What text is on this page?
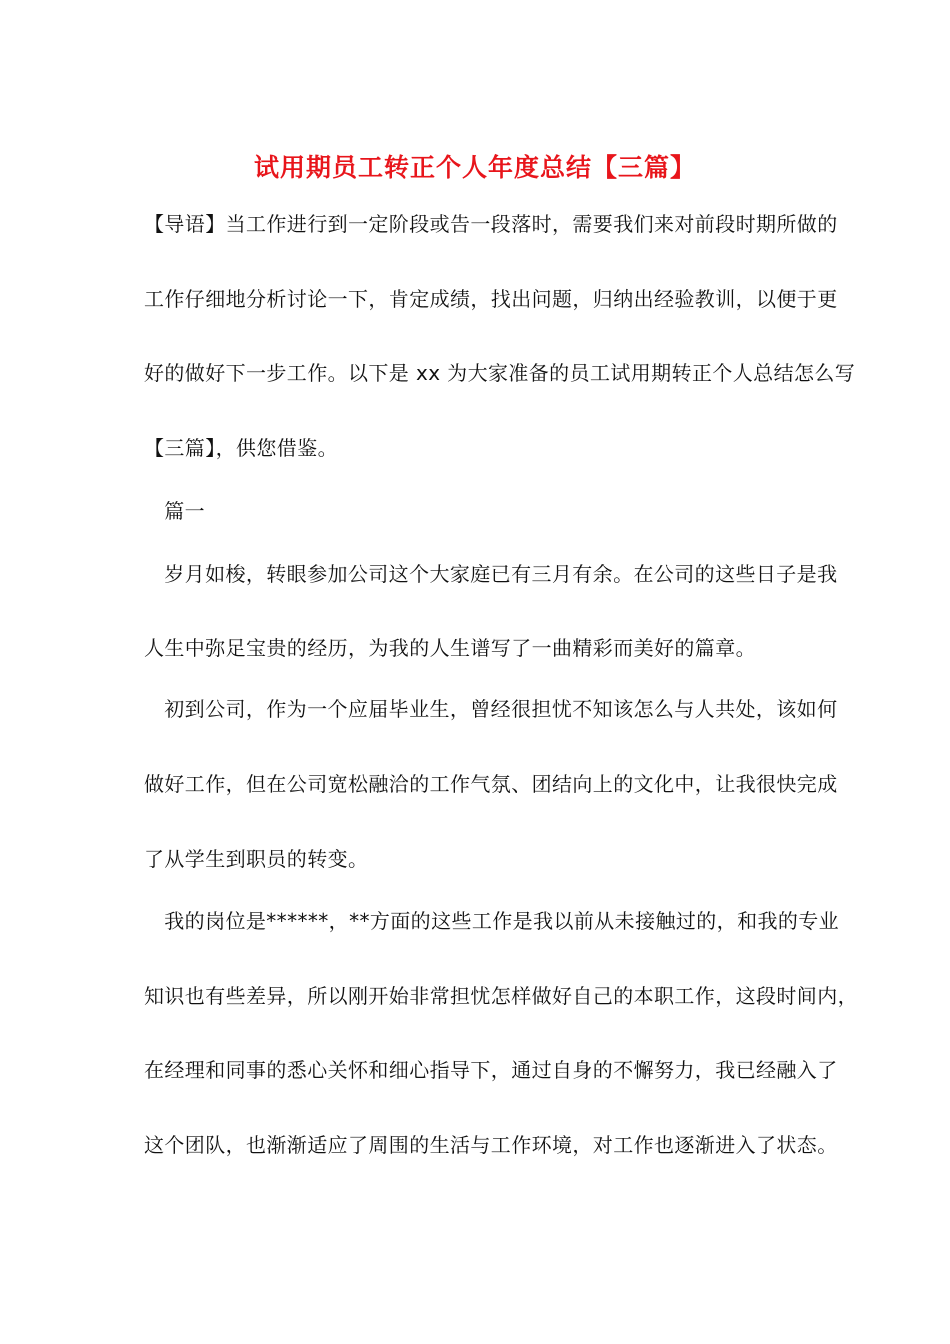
试用期员工转正个人年度总结【三篇】
【导语】当工作进行到一定阶段或告一段落时，需要我们来对前段时期所做的
工作仔细地分析讨论一下，肯定成绩，找出问题，归纳出经验教训，以便于更
好的做好下一步工作。以下是 xx 为大家准备的员工试用期转正个人总结怎么写
【三篇】，供您借鉴。
篇一
岁月如梭，转眼参加公司这个大家庭已有三月有余。在公司的这些日子是我
人生中弥足宝贵的经历，为我的人生谱写了一曲精彩而美好的篇章。
初到公司，作为一个应届毕业生，曾经很担忧不知该怎么与人共处，该如何
做好工作，但在公司宽松融洽的工作气氛、团结向上的文化中，让我很快完成
了从学生到职员的转变。
我的岗位是******，**方面的这些工作是我以前从未接触过的，和我的专业
知识也有些差异，所以刚开始非常担忧怎样做好自己的本职工作，这段时间内，
在经理和同事的悉心关怀和细心指导下，通过自身的不懈努力，我已经融入了
这个团队，也渐渐适应了周围的生活与工作环境，对工作也逐渐进入了状态。
